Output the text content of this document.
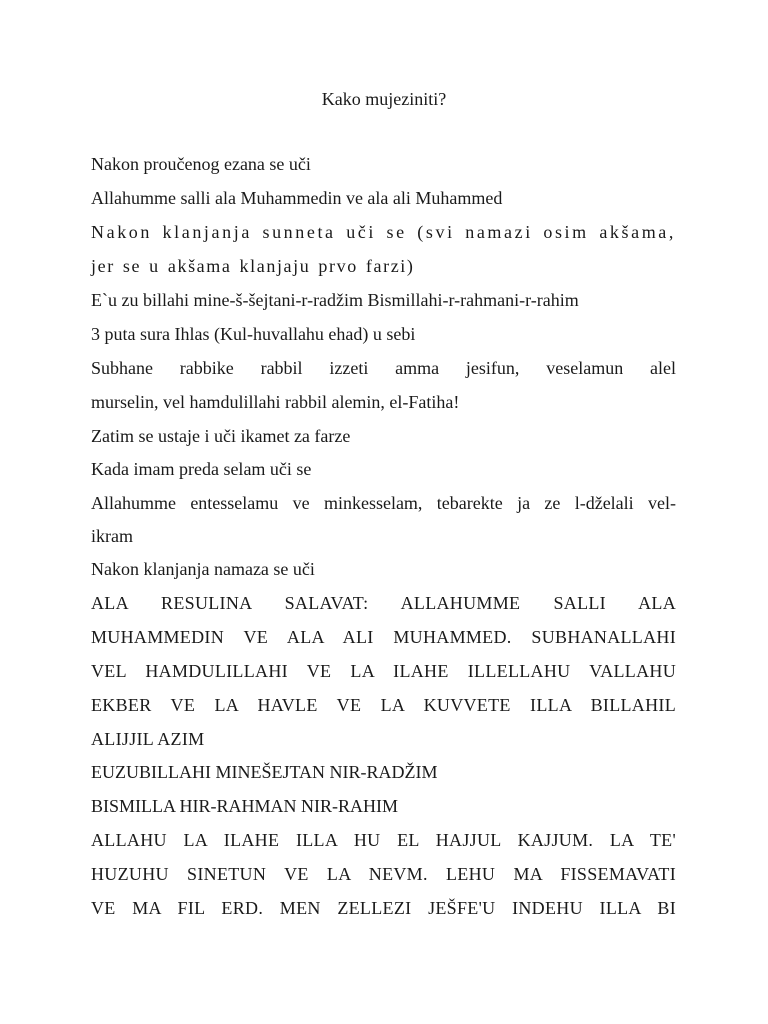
Kako mujeziniti?
Nakon proučenog ezana se uči
Allahumme salli ala Muhammedin ve ala ali Muhammed
Nakon klanjanja sunneta uči se (svi namazi osim akšama,
jer se u akšama klanjaju prvo farzi)
E`u zu billahi mine-š-šejtani-r-radžim Bismillahi-r-rahmani-r-rahim
3 puta sura Ihlas (Kul-huvallahu ehad) u sebi
Subhane rabbike rabbil izzeti amma jesifun, veselamun alel
murselin, vel hamdulillahi rabbil alemin, el-Fatiha!
Zatim se ustaje i uči ikamet za farze
Kada imam preda selam uči se
Allahumme entesselamu ve minkesselam, tebarekte ja ze l-dželali vel-
ikram
Nakon klanjanja namaza se uči
ALA RESULINA SALAVAT: ALLAHUMME SALLI ALA
MUHAMMEDIN VE ALA ALI MUHAMMED. SUBHANALLAHI
VEL HAMDULILLAHI VE LA ILAHE ILLELLAHU VALLAHU
EKBER VE LA HAVLE VE LA KUVVETE ILLA BILLAHIL
ALIJJIL AZIM
EUZUBILLAHI MINEŠEJTAN NIR-RADŽIM
BISMILLA HIR-RAHMAN NIR-RAHIM
ALLAHU LA ILAHE ILLA HU EL HAJJUL KAJJUM. LA TE'
HUZUHU SINETUN VE LA NEVM. LEHU MA FISSEMAVATI
VE MA FIL ERD. MEN ZELLEZI JEŠFE'U INDEHU ILLA BI
